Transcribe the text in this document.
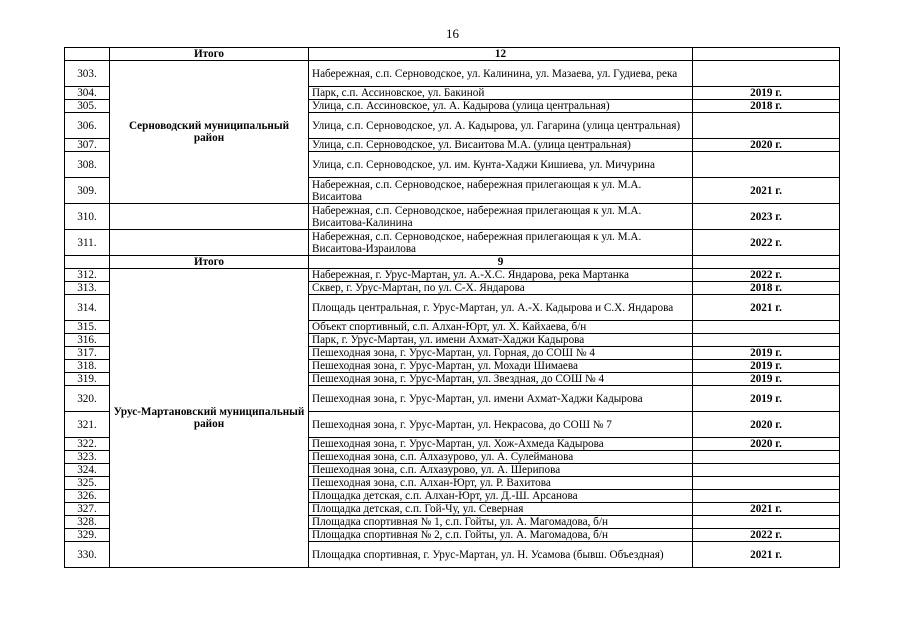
16
	Итого	12	
303.	Серноводский муниципальный район	Набережная, с.п. Серноводское, ул. Калинина, ул. Мазаева, ул. Гудиева, река	
304.		Парк, с.п. Ассиновское, ул. Бакиной	2019 г.
305.		Улица, с.п. Ассиновское, ул. А. Кадырова (улица центральная)	2018 г.
306.		Улица, с.п. Серноводское, ул. А. Кадырова, ул. Гагарина (улица центральная)	
307.		Улица, с.п. Серноводское, ул. Висаитова М.А. (улица центральная)	2020 г.
308.		Улица, с.п. Серноводское, ул. им. Кунта-Хаджи Кишиева, ул. Мичурина	
309.		Набережная, с.п. Серноводское, набережная прилегающая к ул. М.А. Висаитова	2021 г.
310.		Набережная, с.п. Серноводское, набережная прилегающая к ул. М.А. Висаитова-Калинина	2023 г.
311.		Набережная, с.п. Серноводское, набережная прилегающая к ул. М.А. Висаитова-Израилова	2022 г.
	Итого	9	
312.	Урус-Мартановский муниципальный район	Набережная, г. Урус-Мартан, ул. А.-Х.С. Яндарова, река Мартанка	2022 г.
313.		Сквер, г. Урус-Мартан, по ул. С-Х. Яндарова	2018 г.
314.		Площадь центральная, г. Урус-Мартан, ул. А.-Х. Кадырова и С.Х. Яндарова	2021 г.
315.		Объект спортивный, с.п. Алхан-Юрт, ул. Х. Кайхаева, б/н	
316.		Парк, г. Урус-Мартан, ул. имени Ахмат-Хаджи Кадырова	
317.		Пешеходная зона, г. Урус-Мартан, ул. Горная, до СОШ № 4	2019 г.
318.		Пешеходная зона, г. Урус-Мартан, ул. Мохади Шимаева	2019 г.
319.		Пешеходная зона, г. Урус-Мартан, ул. Звездная, до СОШ № 4	2019 г.
320.		Пешеходная зона, г. Урус-Мартан, ул. имени Ахмат-Хаджи Кадырова	2019 г.
321.		Пешеходная зона, г. Урус-Мартан, ул. Некрасова, до СОШ № 7	2020 г.
322.		Пешеходная зона, г. Урус-Мартан, ул. Хож-Ахмеда Кадырова	2020 г.
323.		Пешеходная зона, с.п. Алхазурово, ул. А. Сулейманова	
324.		Пешеходная зона, с.п. Алхазурово, ул. А. Шерипова	
325.		Пешеходная зона, с.п. Алхан-Юрт, ул. Р. Вахитова	
326.		Площадка детская, с.п. Алхан-Юрт, ул. Д.-Ш. Арсанова	
327.		Площадка детская, с.п. Гой-Чу, ул. Северная	2021 г.
328.		Площадка спортивная № 1, с.п. Гойты, ул. А. Магомадова, б/н	
329.		Площадка спортивная № 2, с.п. Гойты, ул. А. Магомадова, б/н	2022 г.
330.		Площадка спортивная, г. Урус-Мартан, ул. Н. Усамова (бывш. Объездная)	2021 г.
